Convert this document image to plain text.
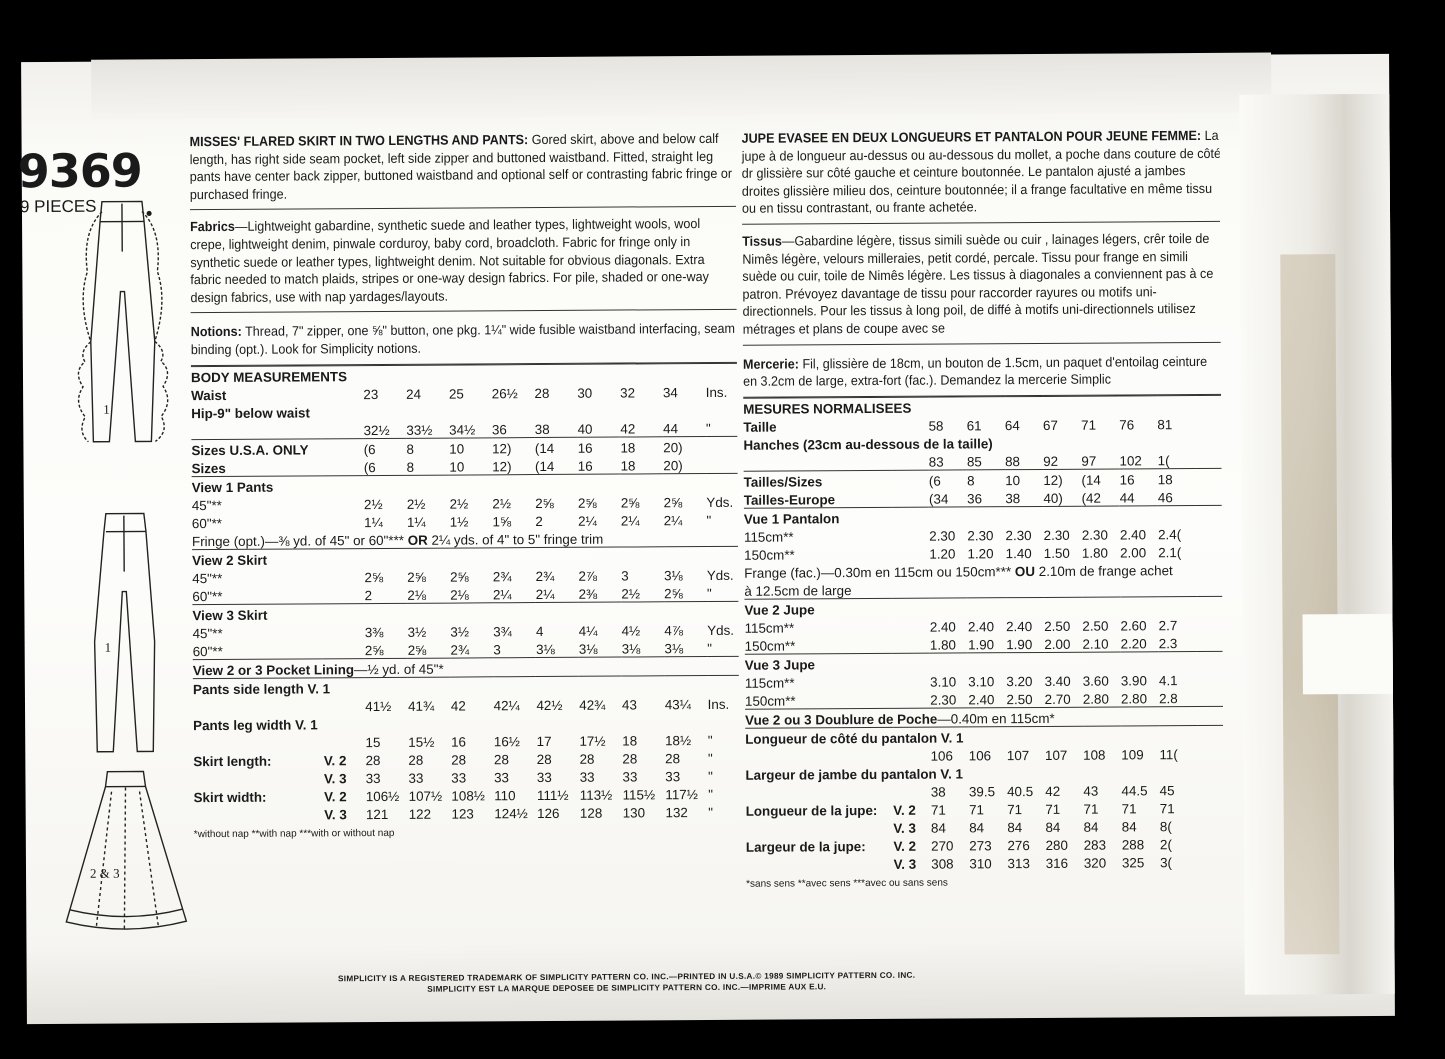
9369
9 PIECES	•
1
1
2 & 3
MISSES' FLARED SKIRT IN TWO LENGTHS AND PANTS: Gored skirt, above and below calf length, has right side seam pocket, left side zipper and buttoned waistband. Fitted, straight leg pants have center back zipper, buttoned waistband and optional self or contrasting fabric fringe or purchased fringe.
Fabrics—Lightweight gabardine, synthetic suede and leather types, lightweight wools, wool crepe, lightweight denim, pinwale corduroy, baby cord, broadcloth. Fabric for fringe only in synthetic suede or leather types, lightweight denim. Not suitable for obvious diagonals. Extra fabric needed to match plaids, stripes or one-way design fabrics. For pile, shaded or one-way design fabrics, use with nap yardages/layouts.
Notions: Thread, 7" zipper, one ⅝" button, one pkg. 1¼" wide fusible waistband interfacing, seam binding (opt.). Look for Simplicity notions.
BODY MEASUREMENTS										
Waist		23	24	25	26½	28	30	32	34	Ins.
Hip-9" below waist										
		32½	33½	34½	36	38	40	42	44	"
Sizes U.S.A. ONLY		(6	8	10	12)	(14	16	18	20)	
Sizes		(6	8	10	12)	(14	16	18	20)	
View 1 Pants										
45"**		2½	2½	2½	2½	2⅝	2⅝	2⅝	2⅝	Yds.
60"**		1¼	1¼	1½	1⅝	2	2¼	2¼	2¼	"
Fringe (opt.)—⅜ yd. of 45" or 60"*** OR 2¼ yds. of 4" to 5" fringe trim										
View 2 Skirt										
45"**		2⅝	2⅝	2⅝	2¾	2¾	2⅞	3	3⅛	Yds.
60"**		2	2⅛	2⅛	2¼	2¼	2⅜	2½	2⅝	"
View 3 Skirt										
45"**		3⅜	3½	3½	3¾	4	4¼	4½	4⅞	Yds.
60"**		2⅝	2⅝	2¾	3	3⅛	3⅛	3⅛	3⅛	"
View 2 or 3 Pocket Lining—½ yd. of 45"*										
Pants side length V. 1										
		41½	41¾	42	42¼	42½	42¾	43	43¼	Ins.
Pants leg width V. 1										
		15	15½	16	16½	17	17½	18	18½	"
Skirt length:	V. 2	28	28	28	28	28	28	28	28	"
	V. 3	33	33	33	33	33	33	33	33	"
Skirt width:	V. 2	106½	107½	108½	110	111½	113½	115½	117½	"
	V. 3	121	122	123	124½	126	128	130	132	"
*without nap **with nap ***with or without nap
JUPE EVASEE EN DEUX LONGUEURS ET PANTALON POUR JEUNE FEMME: La jupe à de longueur au-dessus ou au-dessous du mollet, a poche dans couture de côté dr glissière sur côté gauche et ceinture boutonnée. Le pantalon ajusté a jambes droites glissière milieu dos, ceinture boutonnée; il a frange facultative en même tissu ou en tissu contrastant, ou frante achetée.
Tissus—Gabardine légère, tissus simili suède ou cuir , lainages légers, crêr toile de Nimês légère, velours milleraies, petit cordé, percale. Tissu pour frange en simili suède ou cuir, toile de Nimês légère. Les tissus à diagonales a conviennent pas à ce patron. Prévoyez davantage de tissu pour raccorder rayures ou motifs uni-directionnels. Pour les tissus à long poil, de diffé à motifs uni-directionnels utilisez métrages et plans de coupe avec se
Mercerie: Fil, glissière de 18cm, un bouton de 1.5cm, un paquet d'entoilag ceinture en 3.2cm de large, extra-fort (fac.). Demandez la mercerie Simplic
MESURES NORMALISEES									
Taille		58	61	64	67	71	76	81	
Hanches (23cm au-dessous de la taille)									
		83	85	88	92	97	102	1(	
Tailles/Sizes		(6	8	10	12)	(14	16	18	
Tailles-Europe		(34	36	38	40)	(42	44	46	
Vue 1 Pantalon									
115cm**		2.30	2.30	2.30	2.30	2.30	2.40	2.4(	
150cm**		1.20	1.20	1.40	1.50	1.80	2.00	2.1(	
Frange (fac.)—0.30m en 115cm ou 150cm*** OU 2.10m de frange achet									
à 12.5cm de large									
Vue 2 Jupe									
115cm**		2.40	2.40	2.40	2.50	2.50	2.60	2.7	
150cm**		1.80	1.90	1.90	2.00	2.10	2.20	2.3	
Vue 3 Jupe									
115cm**		3.10	3.10	3.20	3.40	3.60	3.90	4.1	
150cm**		2.30	2.40	2.50	2.70	2.80	2.80	2.8	
Vue 2 ou 3 Doublure de Poche—0.40m en 115cm*									
Longueur de côté du pantalon V. 1									
		106	106	107	107	108	109	11(	
Largeur de jambe du pantalon V. 1									
		38	39.5	40.5	42	43	44.5	45	
Longueur de la jupe:	V. 2	71	71	71	71	71	71	71	
	V. 3	84	84	84	84	84	84	8(	
Largeur de la jupe:	V. 2	270	273	276	280	283	288	2(	
	V. 3	308	310	313	316	320	325	3(	
*sans sens **avec sens ***avec ou sans sens
SIMPLICITY IS A REGISTERED TRADEMARK OF SIMPLICITY PATTERN CO. INC.—PRINTED IN U.S.A.© 1989 SIMPLICITY PATTERN CO. INC.
SIMPLICITY EST LA MARQUE DEPOSEE DE SIMPLICITY PATTERN CO. INC.—IMPRIME AUX E.U.
